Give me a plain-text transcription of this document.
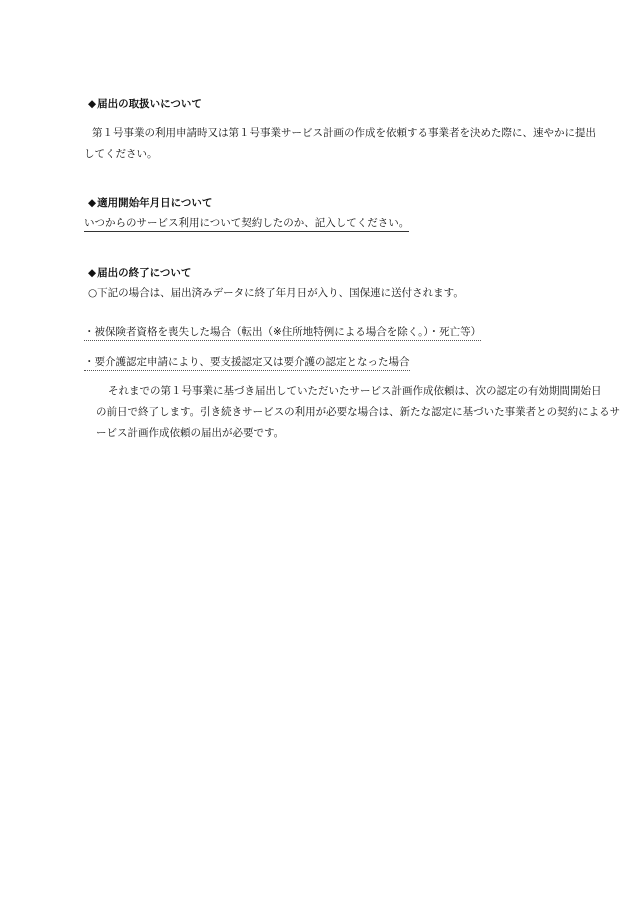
◆届出の取扱いについて
第１号事業の利用申請時又は第１号事業サービス計画の作成を依頼する事業者を決めた際に、速やかに提出
してください。
◆適用開始年月日について
いつからのサービス利用について契約したのか、記入してください。
◆届出の終了について
○下記の場合は、届出済みデータに終了年月日が入り、国保連に送付されます。
・被保険者資格を喪失した場合（転出（※住所地特例による場合を除く。）・死亡等）
・要介護認定申請により、要支援認定又は要介護の認定となった場合
それまでの第１号事業に基づき届出していただいたサービス計画作成依頼は、次の認定の有効期間開始日
の前日で終了します。引き続きサービスの利用が必要な場合は、新たな認定に基づいた事業者との契約によるサ
ービス計画作成依頼の届出が必要です。
